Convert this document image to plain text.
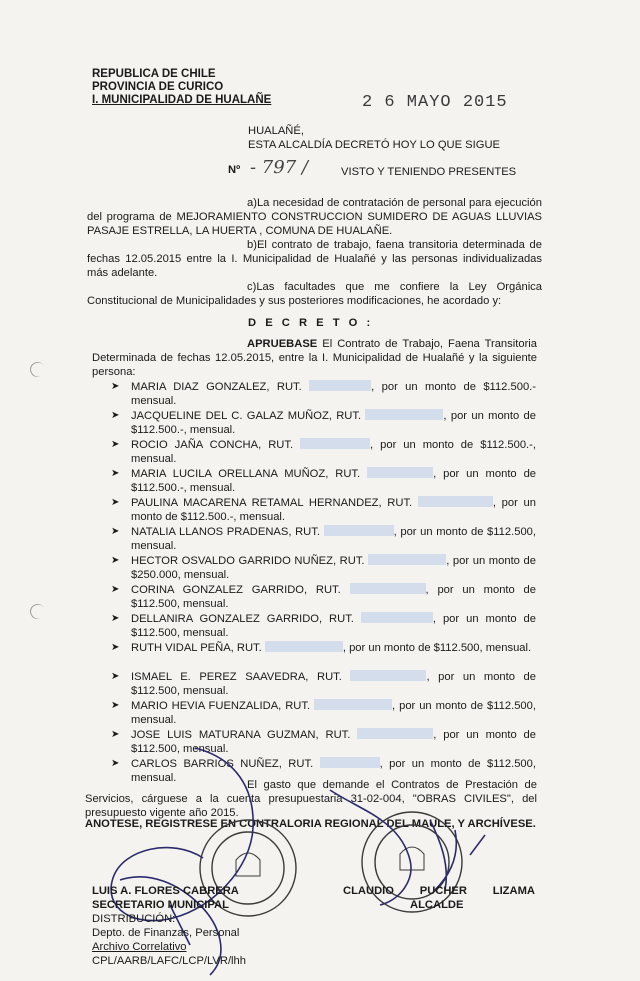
REPUBLICA DE CHILE
PROVINCIA DE CURICO
I. MUNICIPALIDAD DE HUALAÑE	2 6 MAYO 2015
HUALAÑÉ,
ESTA ALCALDÍA DECRETÓ HOY LO QUE SIGUE
Nº - 797 /	VISTO Y TENIENDO PRESENTES
a)La necesidad de contratación de personal para ejecución del programa de MEJORAMIENTO CONSTRUCCION SUMIDERO DE AGUAS LLUVIAS PASAJE ESTRELLA, LA HUERTA , COMUNA DE HUALAÑE.
b)El contrato de trabajo, faena transitoria determinada de fechas 12.05.2015 entre la I. Municipalidad de Hualañé y las personas individualizadas más adelante.
c)Las facultades que me confiere la Ley Orgánica Constitucional de Municipalidades y sus posteriores modificaciones, he acordado y:
D E C R E T O :
APRUEBASE El Contrato de Trabajo, Faena Transitoria Determinada de fechas 12.05.2015, entre la I. Municipalidad de Hualañé y la siguiente persona:
➤ MARIA DIAZ GONZALEZ, RUT.	, por un monto de $112.500.- mensual.
➤ JACQUELINE DEL C. GALAZ MUÑOZ, RUT.	, por un monto de $112.500.-, mensual.
➤ ROCIO JAÑA CONCHA, RUT.	, por un monto de $112.500.-, mensual.
➤ MARIA LUCILA ORELLANA MUÑOZ, RUT.	, por un monto de $112.500.-, mensual.
➤ PAULINA MACARENA RETAMAL HERNANDEZ, RUT.	, por un monto de $112.500.-, mensual.
➤ NATALIA LLANOS PRADENAS, RUT.	, por un monto de $112.500, mensual.
➤ HECTOR OSVALDO GARRIDO NUÑEZ, RUT.	, por un monto de $250.000, mensual.
➤ CORINA GONZALEZ GARRIDO, RUT.	, por un monto de $112.500, mensual.
➤ DELLANIRA GONZALEZ GARRIDO, RUT.	, por un monto de $112.500, mensual.
➤ RUTH VIDAL PEÑA, RUT.	, por un monto de $112.500, mensual.
➤ ISMAEL E. PEREZ SAAVEDRA, RUT.	, por un monto de $112.500, mensual.
➤ MARIO HEVIA FUENZALIDA, RUT.	, por un monto de $112.500, mensual.
➤ JOSE LUIS MATURANA GUZMAN, RUT.	, por un monto de $112.500, mensual.
➤ CARLOS BARRIOS NUÑEZ, RUT.	, por un monto de $112.500, mensual.
El gasto que demande el Contratos de Prestación de Servicios, cárguese a la cuenta presupuestaria 31-02-004, "OBRAS CIVILES", del presupuesto vigente año 2015.
ANOTESE, REGISTRESE EN CONTRALORIA REGIONAL DEL MAULE, Y ARCHÍVESE.
LUIS A. FLORES CABRERA
SECRETARIO MUNICIPAL
CLAUDIO PUCHER LIZAMA
ALCALDE
DISTRIBUCIÓN:
Depto. de Finanzas, Personal
Archivo Correlativo
CPL/AARB/LAFC/LCP/LVR/lhh
